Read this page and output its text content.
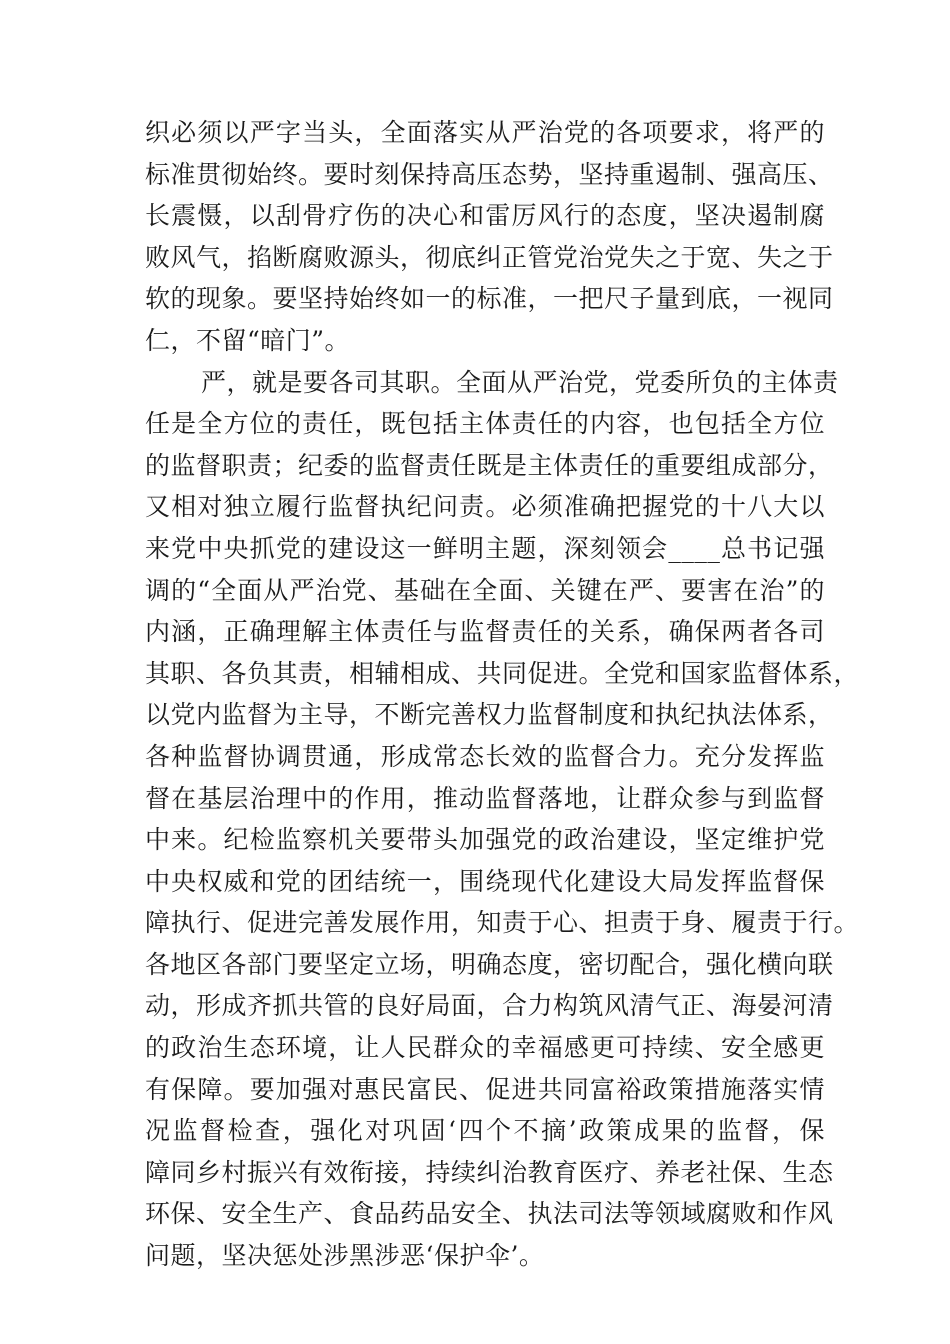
织必须以严字当头，全面落实从严治党的各项要求，将严的
标准贯彻始终。要时刻保持高压态势，坚持重遏制、强高压、
长震慑，以刮骨疗伤的决心和雷厉风行的态度，坚决遏制腐
败风气，掐断腐败源头，彻底纠正管党治党失之于宽、失之于
软的现象。要坚持始终如一的标准，一把尺子量到底，一视同
仁，不留“暗门”。
严，就是要各司其职。全面从严治党，党委所负的主体责
任是全方位的责任，既包括主体责任的内容，也包括全方位
的监督职责；纪委的监督责任既是主体责任的重要组成部分，
又相对独立履行监督执纪问责。必须准确把握党的十八大以
来党中央抓党的建设这一鲜明主题，深刻领会____总书记强
调的“全面从严治党、基础在全面、关键在严、要害在治”的
内涵，正确理解主体责任与监督责任的关系，确保两者各司
其职、各负其责，相辅相成、共同促进。全党和国家监督体系，
以党内监督为主导，不断完善权力监督制度和执纪执法体系，
各种监督协调贯通，形成常态长效的监督合力。充分发挥监
督在基层治理中的作用，推动监督落地，让群众参与到监督
中来。纪检监察机关要带头加强党的政治建设，坚定维护党
中央权威和党的团结统一，围绕现代化建设大局发挥监督保
障执行、促进完善发展作用，知责于心、担责于身、履责于行。
各地区各部门要坚定立场，明确态度，密切配合，强化横向联
动，形成齐抓共管的良好局面，合力构筑风清气正、海晏河清
的政治生态环境，让人民群众的幸福感更可持续、安全感更
有保障。要加强对惠民富民、促进共同富裕政策措施落实情
况监督检查，强化对巩固‘四个不摘’政策成果的监督，保
障同乡村振兴有效衔接，持续纠治教育医疗、养老社保、生态
环保、安全生产、食品药品安全、执法司法等领域腐败和作风
问题，坚决惩处涉黑涉恶‘保护伞’。
